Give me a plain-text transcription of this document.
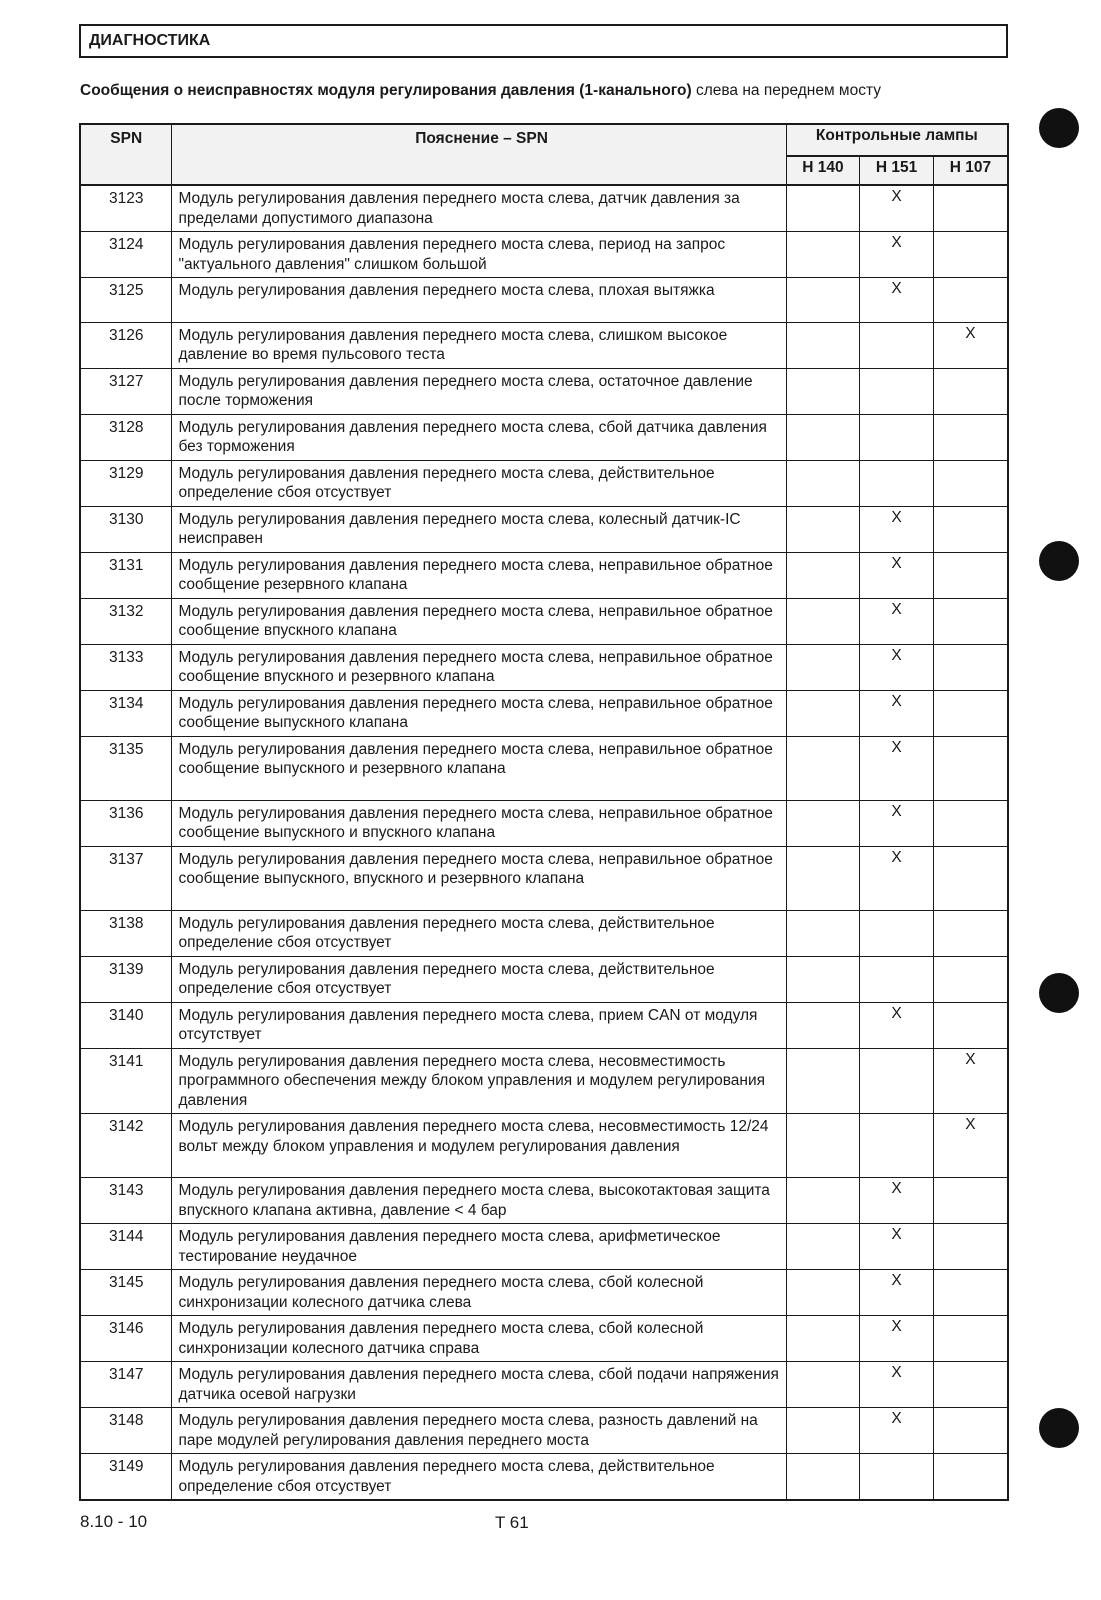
ДИАГНОСТИКА
Сообщения о неисправностях модуля регулирования давления (1-канального) слева на переднем мосту
SPN	Пояснение – SPN	Контрольные лампы		
		H 140	H 151	H 107
3123	Модуль регулирования давления переднего моста слева, датчик давления за пределами допустимого диапазона		X	
3124	Модуль регулирования давления переднего моста слева, период на запрос "актуального давления" слишком большой		X	
3125	Модуль регулирования давления переднего моста слева, плохая вытяжка		X	
3126	Модуль регулирования давления переднего моста слева, слишком высокое давление во время пульсового теста			X
3127	Модуль регулирования давления переднего моста слева, остаточное давление после торможения			
3128	Модуль регулирования давления переднего моста слева, сбой датчика давления без торможения			
3129	Модуль регулирования давления переднего моста слева, действительное определение сбоя отсуствует			
3130	Модуль регулирования давления переднего моста слева, колесный датчик-IC неисправен		X	
3131	Модуль регулирования давления переднего моста слева, неправильное обратное сообщение резервного клапана		X	
3132	Модуль регулирования давления переднего моста слева, неправильное обратное сообщение впускного клапана		X	
3133	Модуль регулирования давления переднего моста слева, неправильное обратное сообщение впускного и резервного клапана		X	
3134	Модуль регулирования давления переднего моста слева, неправильное обратное сообщение выпускного клапана		X	
3135	Модуль регулирования давления переднего моста слева, неправильное обратное сообщение выпускного и резервного клапана		X	
3136	Модуль регулирования давления переднего моста слева, неправильное обратное сообщение выпускного и впускного клапана		X	
3137	Модуль регулирования давления переднего моста слева, неправильное обратное сообщение выпускного, впускного и резервного клапана		X	
3138	Модуль регулирования давления переднего моста слева, действительное определение сбоя отсуствует			
3139	Модуль регулирования давления переднего моста слева, действительное определение сбоя отсуствует			
3140	Модуль регулирования давления переднего моста слева, прием CAN от модуля отсутствует		X	
3141	Модуль регулирования давления переднего моста слева, несовместимость программного обеспечения между блоком управления и модулем регулирования давления			X
3142	Модуль регулирования давления переднего моста слева, несовместимость 12/24 вольт между блоком управления и модулем регулирования давления			X
3143	Модуль регулирования давления переднего моста слева, высокотактовая защита впускного клапана активна, давление < 4 бар		X	
3144	Модуль регулирования давления переднего моста слева, арифметическое тестирование неудачное		X	
3145	Модуль регулирования давления переднего моста слева, сбой колесной синхронизации колесного датчика слева		X	
3146	Модуль регулирования давления переднего моста слева, сбой колесной синхронизации колесного датчика справа		X	
3147	Модуль регулирования давления переднего моста слева, сбой подачи напряжения датчика осевой нагрузки		X	
3148	Модуль регулирования давления переднего моста слева, разность давлений на паре модулей регулирования давления переднего моста		X	
3149	Модуль регулирования давления переднего моста слева, действительное определение сбоя отсуствует			
8.10 - 10	T 61
